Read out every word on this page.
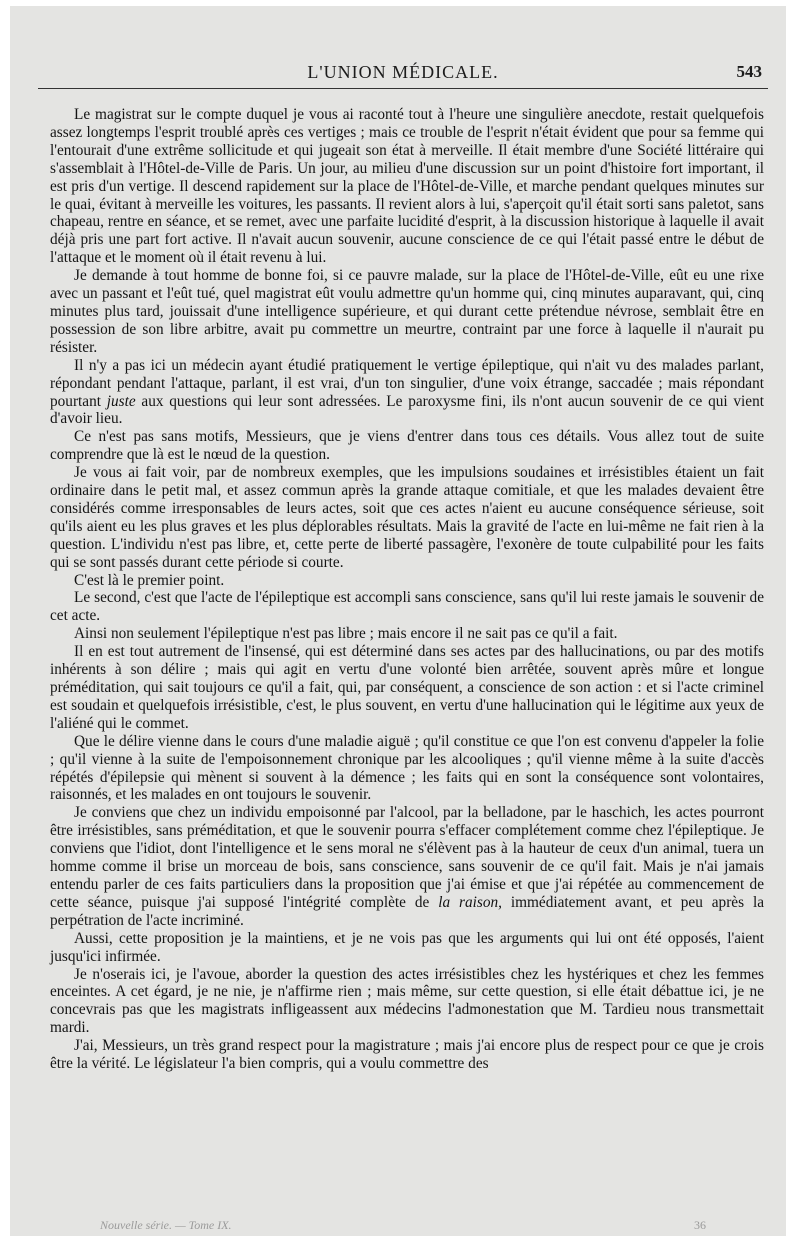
L'UNION MÉDICALE.	543

Le magistrat sur le compte duquel je vous ai raconté tout à l'heure une singulière anecdote, restait quelquefois assez longtemps l'esprit troublé après ces vertiges ; mais ce trouble de l'esprit n'était évident que pour sa femme qui l'entourait d'une extrême sollicitude et qui jugeait son état à merveille. Il était membre d'une Société littéraire qui s'assemblait à l'Hôtel-de-Ville de Paris. Un jour, au milieu d'une discussion sur un point d'histoire fort important, il est pris d'un vertige. Il descend rapidement sur la place de l'Hôtel-de-Ville, et marche pendant quelques minutes sur le quai, évitant à merveille les voitures, les passants. Il revient alors à lui, s'aperçoit qu'il était sorti sans paletot, sans chapeau, rentre en séance, et se remet, avec une parfaite lucidité d'esprit, à la discussion historique à laquelle il avait déjà pris une part fort active. Il n'avait aucun souvenir, aucune conscience de ce qui l'était passé entre le début de l'attaque et le moment où il était revenu à lui.

Je demande à tout homme de bonne foi, si ce pauvre malade, sur la place de l'Hôtel-de-Ville, eût eu une rixe avec un passant et l'eût tué, quel magistrat eût voulu admettre qu'un homme qui, cinq minutes auparavant, qui, cinq minutes plus tard, jouissait d'une intelligence supérieure, et qui durant cette prétendue névrose, semblait être en possession de son libre arbitre, avait pu commettre un meurtre, contraint par une force à laquelle il n'aurait pu résister.

Il n'y a pas ici un médecin ayant étudié pratiquement le vertige épileptique, qui n'ait vu des malades parlant, répondant pendant l'attaque, parlant, il est vrai, d'un ton singulier, d'une voix étrange, saccadée ; mais répondant pourtant juste aux questions qui leur sont adressées. Le paroxysme fini, ils n'ont aucun souvenir de ce qui vient d'avoir lieu.

Ce n'est pas sans motifs, Messieurs, que je viens d'entrer dans tous ces détails. Vous allez tout de suite comprendre que là est le nœud de la question.

Je vous ai fait voir, par de nombreux exemples, que les impulsions soudaines et irrésistibles étaient un fait ordinaire dans le petit mal, et assez commun après la grande attaque comitiale, et que les malades devaient être considérés comme irresponsables de leurs actes, soit que ces actes n'aient eu aucune conséquence sérieuse, soit qu'ils aient eu les plus graves et les plus déplorables résultats. Mais la gravité de l'acte en lui-même ne fait rien à la question. L'individu n'est pas libre, et, cette perte de liberté passagère, l'exonère de toute culpabilité pour les faits qui se sont passés durant cette période si courte.

C'est là le premier point.

Le second, c'est que l'acte de l'épileptique est accompli sans conscience, sans qu'il lui reste jamais le souvenir de cet acte.

Ainsi non seulement l'épileptique n'est pas libre ; mais encore il ne sait pas ce qu'il a fait.

Il en est tout autrement de l'insensé, qui est déterminé dans ses actes par des hallucinations, ou par des motifs inhérents à son délire ; mais qui agit en vertu d'une volonté bien arrêtée, souvent après mûre et longue préméditation, qui sait toujours ce qu'il a fait, qui, par conséquent, a conscience de son action : et si l'acte criminel est soudain et quelquefois irrésistible, c'est, le plus souvent, en vertu d'une hallucination qui le légitime aux yeux de l'aliéné qui le commet.

Que le délire vienne dans le cours d'une maladie aiguë ; qu'il constitue ce que l'on est convenu d'appeler la folie ; qu'il vienne à la suite de l'empoisonnement chronique par les alcooliques ; qu'il vienne même à la suite d'accès répétés d'épilepsie qui mènent si souvent à la démence ; les faits qui en sont la conséquence sont volontaires, raisonnés, et les malades en ont toujours le souvenir.

Je conviens que chez un individu empoisonné par l'alcool, par la belladone, par le haschich, les actes pourront être irrésistibles, sans préméditation, et que le souvenir pourra s'effacer complétement comme chez l'épileptique. Je conviens que l'idiot, dont l'intelligence et le sens moral ne s'élèvent pas à la hauteur de ceux d'un animal, tuera un homme comme il brise un morceau de bois, sans conscience, sans souvenir de ce qu'il fait. Mais je n'ai jamais entendu parler de ces faits particuliers dans la proposition que j'ai émise et que j'ai répétée au commencement de cette séance, puisque j'ai supposé l'intégrité complète de la raison, immédiatement avant, et peu après la perpétration de l'acte incriminé.

Aussi, cette proposition je la maintiens, et je ne vois pas que les arguments qui lui ont été opposés, l'aient jusqu'ici infirmée.

Je n'oserais ici, je l'avoue, aborder la question des actes irrésistibles chez les hystériques et chez les femmes enceintes. A cet égard, je ne nie, je n'affirme rien ; mais même, sur cette question, si elle était débattue ici, je ne concevrais pas que les magistrats infligeassent aux médecins l'admonestation que M. Tardieu nous transmettait mardi.

J'ai, Messieurs, un très grand respect pour la magistrature ; mais j'ai encore plus de respect pour ce que je crois être la vérité. Le législateur l'a bien compris, qui a voulu commettre des

Nouvelle série. — Tome IX.	36
